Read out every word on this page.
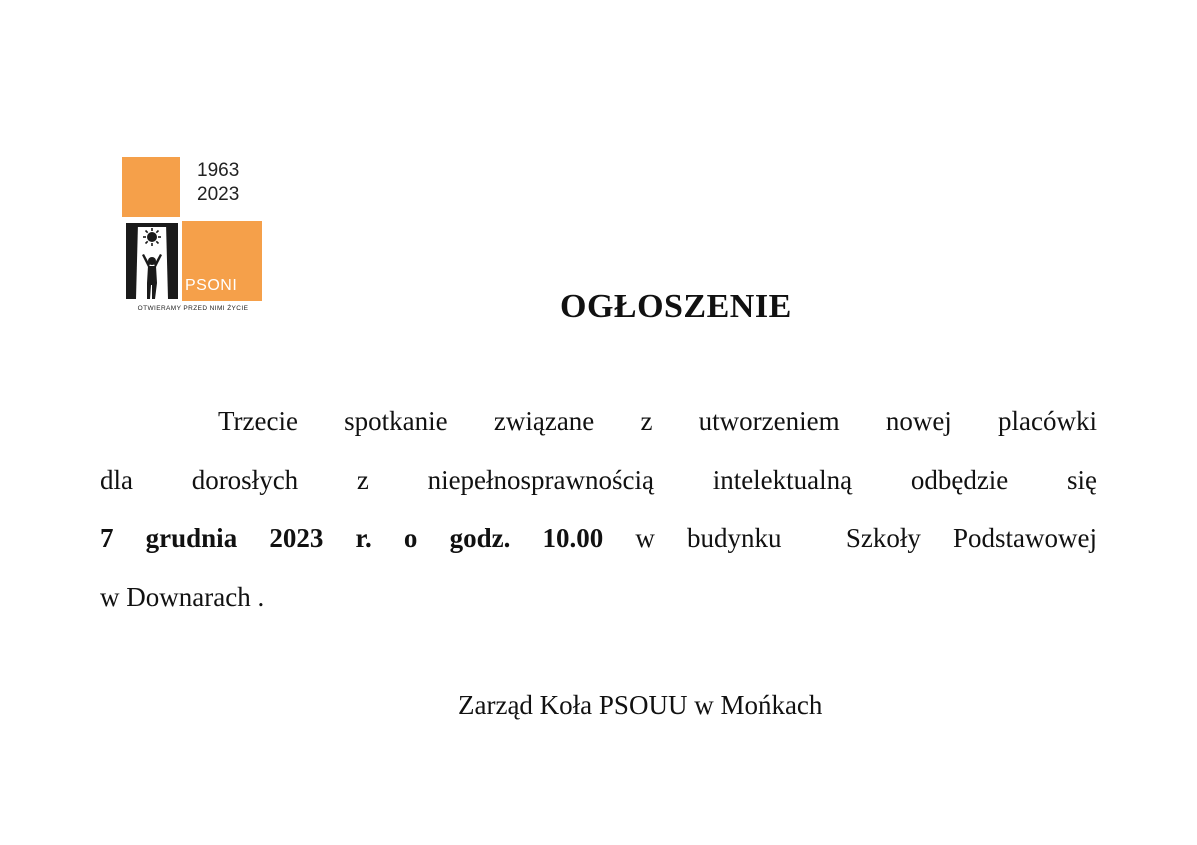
1963
2023
PSONI
OTWIERAMY PRZED NIMI ŻYCIE	OGŁOSZENIE
Trzecie spotkanie związane z utworzeniem nowej placówki
dla dorosłych z niepełnosprawnością intelektualną odbędzie się
7 grudnia 2023 r. o godz. 10.00 w budynku  Szkoły Podstawowej
w Downarach .

Zarząd Koła PSOUU w Mońkach
